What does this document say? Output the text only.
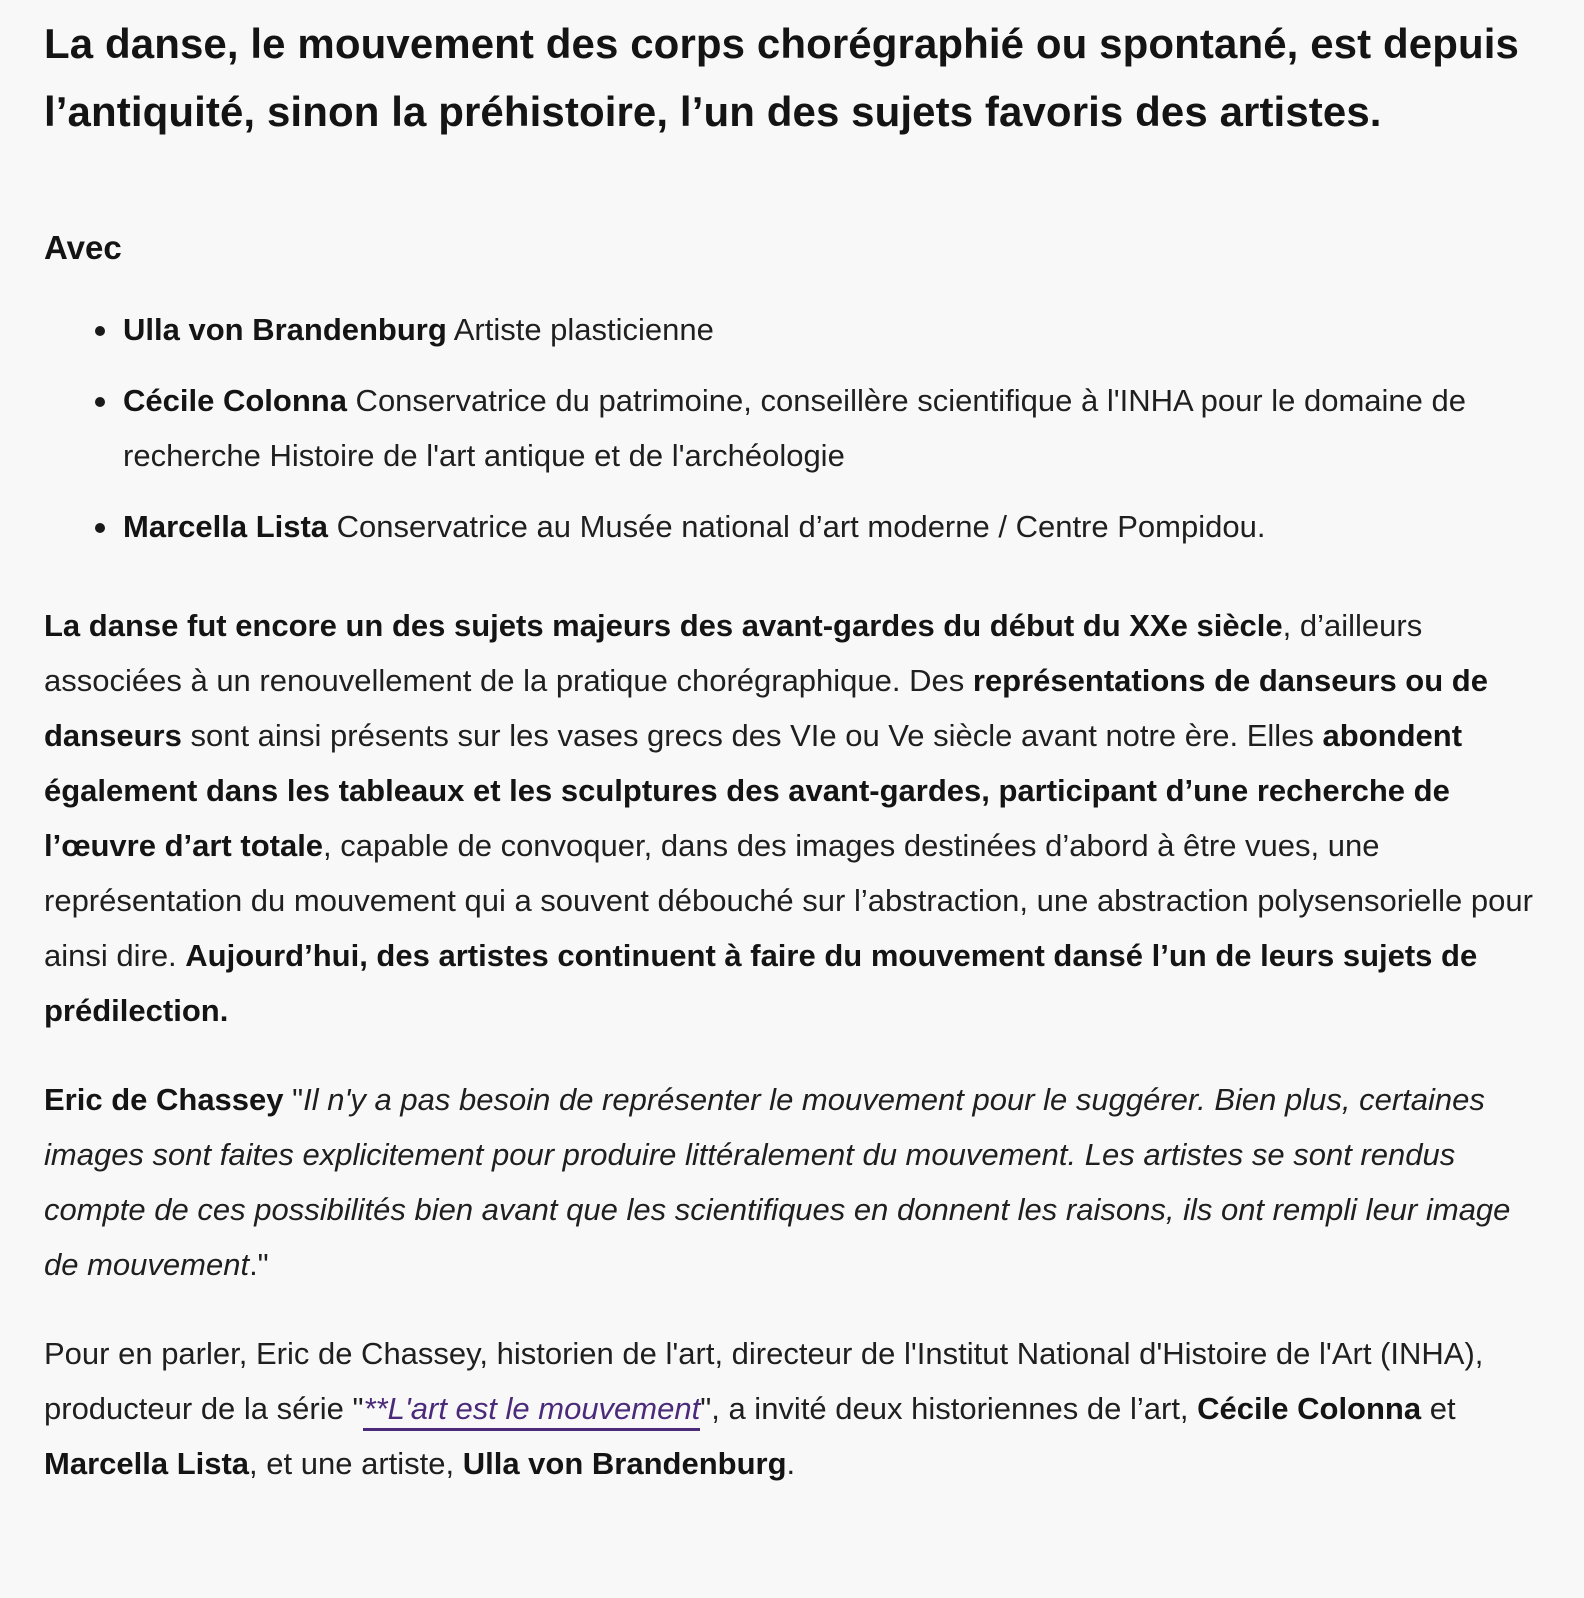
La danse, le mouvement des corps chorégraphié ou spontané, est depuis l’antiquité, sinon la préhistoire, l’un des sujets favoris des artistes.
Avec
Ulla von Brandenburg Artiste plasticienne
Cécile Colonna Conservatrice du patrimoine, conseillère scientifique à l'INHA pour le domaine de recherche Histoire de l'art antique et de l'archéologie
Marcella Lista Conservatrice au Musée national d’art moderne / Centre Pompidou.

La danse fut encore un des sujets majeurs des avant-gardes du début du XXe siècle, d’ailleurs associées à un renouvellement de la pratique chorégraphique. Des représentations de danseurs ou de danseurs sont ainsi présents sur les vases grecs des VIe ou Ve siècle avant notre ère. Elles abondent également dans les tableaux et les sculptures des avant-gardes, participant d’une recherche de l’œuvre d’art totale, capable de convoquer, dans des images destinées d’abord à être vues, une représentation du mouvement qui a souvent débouché sur l’abstraction, une abstraction polysensorielle pour ainsi dire. Aujourd’hui, des artistes continuent à faire du mouvement dansé l’un de leurs sujets de prédilection.

Eric de Chassey "Il n'y a pas besoin de représenter le mouvement pour le suggérer. Bien plus, certaines images sont faites explicitement pour produire littéralement du mouvement. Les artistes se sont rendus compte de ces possibilités bien avant que les scientifiques en donnent les raisons, ils ont rempli leur image de mouvement."

Pour en parler, Eric de Chassey, historien de l'art, directeur de l'Institut National d'Histoire de l'Art (INHA), producteur de la série "**L'art est le mouvement", a invité deux historiennes de l’art, Cécile Colonna et Marcella Lista, et une artiste, Ulla von Brandenburg.
